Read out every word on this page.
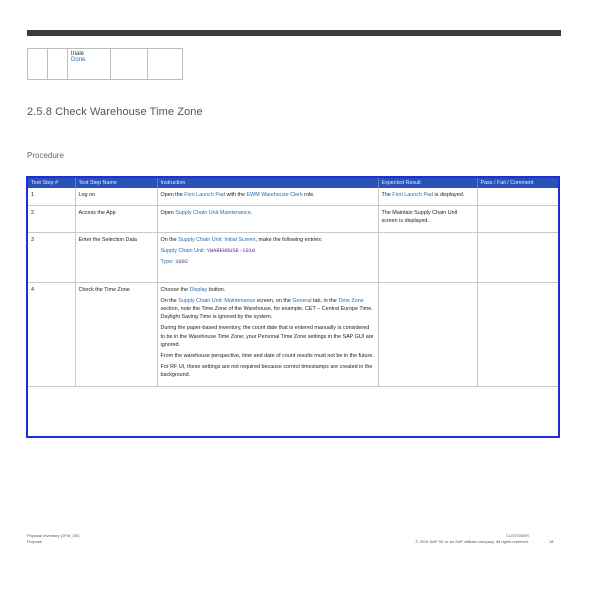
triale
Done.

2.5.8 Check Warehouse Time Zone
Procedure
Test Step #	Test Step Name	Instruction	Expected Result	Pass / Fail / Comment
1	Log on	Open the Fiori Launch Pad with the EWM Warehouse Clerk role.	The Fiori Launch Pad is displayed.	

2	Access the App	Open Supply Chain Unit Maintenance.	The Maintain Supply Chain Unit screen is displayed.	

3	Enter the Selection Data	On the Supply Chain Unit: Initial Screen, make the following entries:
Supply Chain Unit: YWAREHOUSE-1010
Type: 1002		

4	Check the Time Zone	Choose the Display button.
On the Supply Chain Unit: Maintenance screen, on the General tab, in the Time Zone section, note the Time Zone of the Warehouse, for example, CET – Central Europe Time. Daylight Saving Time is ignored by the system.
During the paper-based inventory, the count date that is entered manually is considered to be in the Warehouse Time Zone; your Personal Time Zone settings in the SAP GUI are ignored.
From the warehouse perspective, time and date of count results must not be in the future.
For RF UI, these settings are not required because correct timestamps are created in the background.		

Physical Inventory (1FW_DE)
Purpose
CUSTOMER
© 2016 SAP SE or an SAP affiliate company. All rights reserved.	18
